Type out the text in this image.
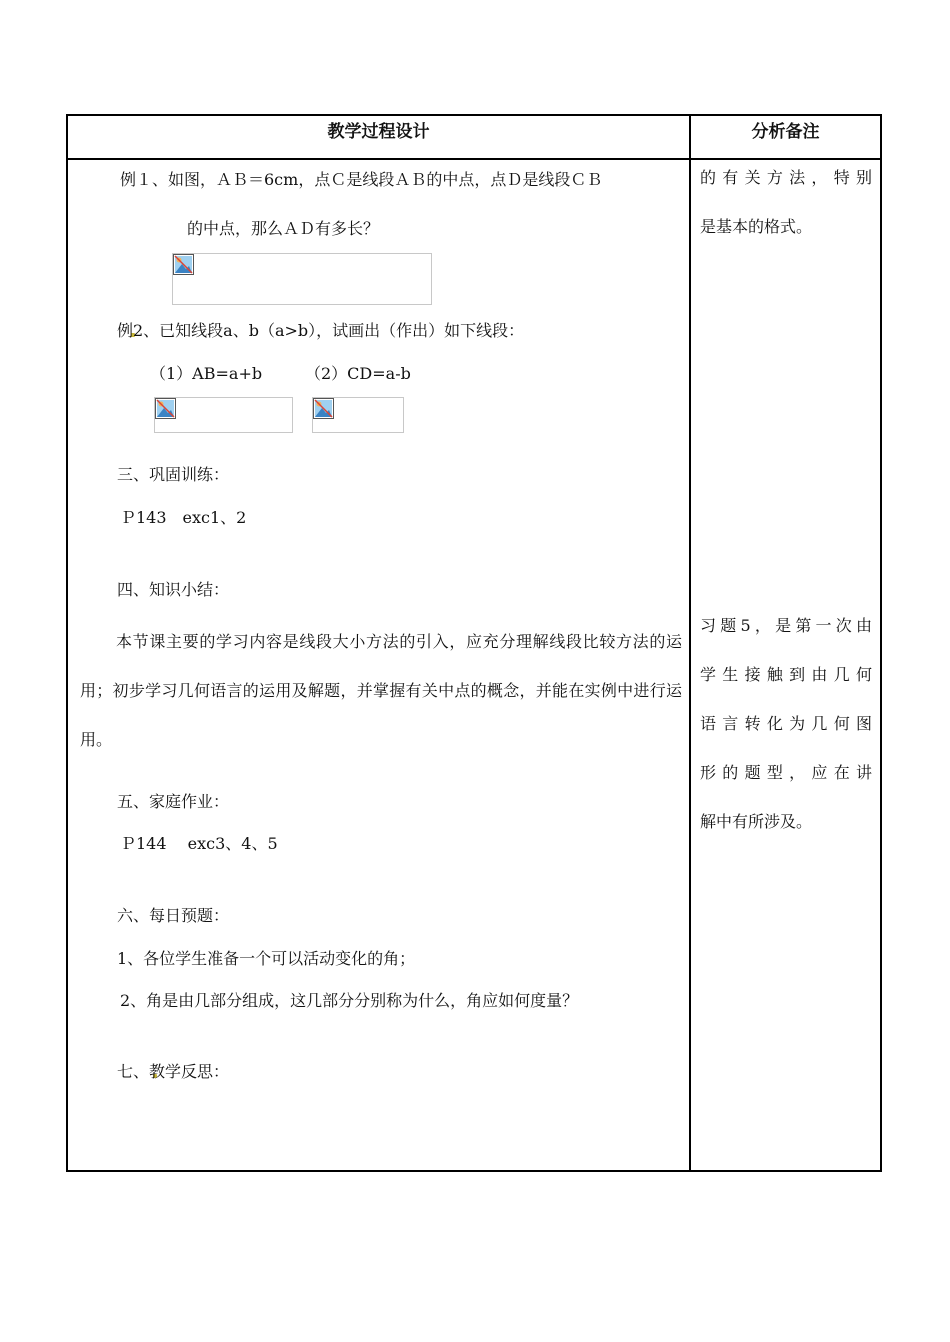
教学过程设计	分析备注
例１、如图，ＡＢ＝6cm，点Ｃ是线段ＡＢ的中点，点Ｄ是线段ＣＢ
的中点，那么ＡＤ有多长？
例2、已知线段a、b（a>b），试画出（作出）如下线段：
（1）AB=a+b	（2）CD=a-b
三、巩固训练：
Ｐ143　exc1、2
四、知识小结：
本节课主要的学习内容是线段大小方法的引入，应充分理解线段比较方法的运用；初步学习几何语言的运用及解题，并掌握有关中点的概念，并能在实例中进行运用。
五、家庭作业：
Ｐ144　 exc3、4、5
六、每日预题：
1、各位学生准备一个可以活动变化的角；
2、角是由几部分组成，这几部分分别称为什么，角应如何度量？
七、教学反思：
的有关方法，特别
是基本的格式。
习题5，是第一次由
学生接触到由几何
语言转化为几何图
形的题型，应在讲
解中有所涉及。
